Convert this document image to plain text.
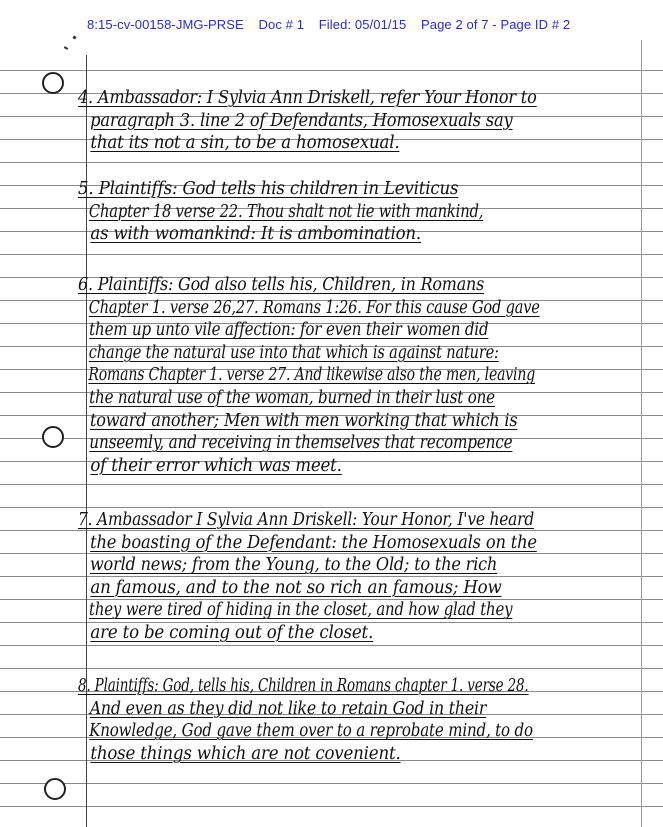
8:15-cv-00158-JMG-PRSE Doc # 1 Filed: 05/01/15 Page 2 of 7 - Page ID # 2
4. Ambassador: I Sylvia Ann Driskell, refer Your Honor to
paragraph 3. line 2 of Defendants, Homosexuals say
that its not a sin, to be a homosexual.
5. Plaintiffs: God tells his children in Leviticus
Chapter 18 verse 22. Thou shalt not lie with mankind,
as with womankind: It is ambomination.
6. Plaintiffs: God also tells his, Children, in Romans
Chapter 1. verse 26,27. Romans 1:26. For this cause God gave
them up unto vile affection: for even their women did
change the natural use into that which is against nature:
Romans Chapter 1. verse 27. And likewise also the men, leaving
the natural use of the woman, burned in their lust one
toward another; Men with men working that which is
unseemly, and receiving in themselves that recompence
of their error which was meet.
7. Ambassador I Sylvia Ann Driskell: Your Honor, I've heard
the boasting of the Defendant: the Homosexuals on the
world news; from the Young, to the Old; to the rich
an famous, and to the not so rich an famous; How
they were tired of hiding in the closet, and how glad they
are to be coming out of the closet.
8. Plaintiffs: God, tells his, Children in Romans chapter 1. verse 28.
And even as they did not like to retain God in their
Knowledge, God gave them over to a reprobate mind, to do
those things which are not covenient.
